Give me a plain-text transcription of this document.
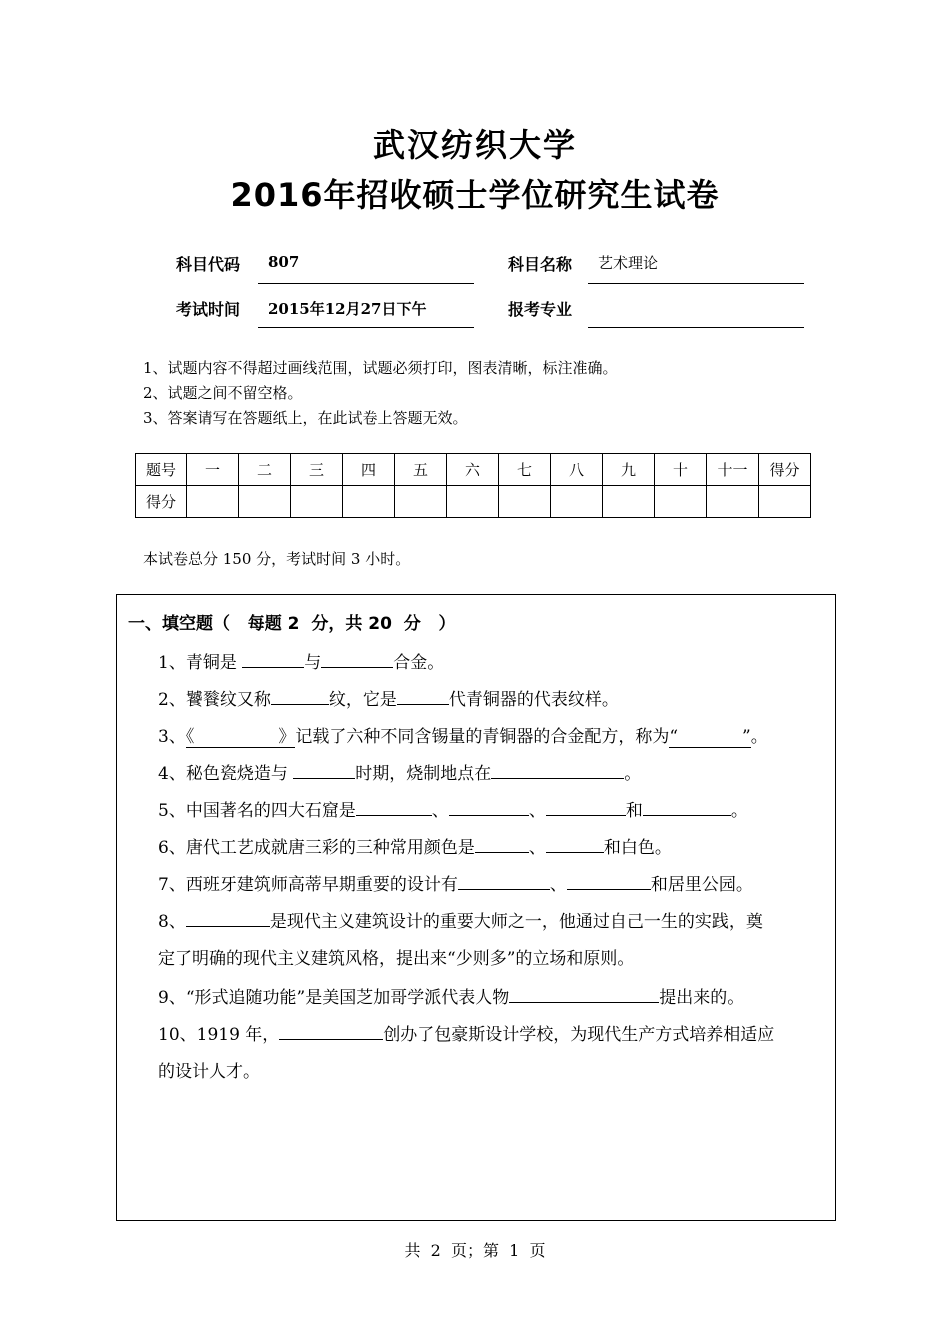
武汉纺织大学
2016年招收硕士学位研究生试卷
科目代码 807	科目名称 艺术理论
考试时间 2015年12月27日下午	报考专业
1、试题内容不得超过画线范围，试题必须打印，图表清晰，标注准确。
2、试题之间不留空格。
3、答案请写在答题纸上，在此试卷上答题无效。
题号	一	二	三	四	五	六	七	八	九	十	十一	得分
得分												
本试卷总分 150 分，考试时间 3 小时。
一、填空题（   每题 2  分，共 20  分   ）
1、青铜是	与	合金。
2、饕餮纹又称	纹，它是	代青铜器的代表纹样。
3、《	》记载了六种不同含锡量的青铜器的合金配方，称为“	”。
4、秘色瓷烧造与	时期，烧制地点在	。
5、中国著名的四大石窟是	、	、	和	。
6、唐代工艺成就唐三彩的三种常用颜色是	、	和白色。
7、西班牙建筑师高蒂早期重要的设计有	、	和居里公园。
8、	是现代主义建筑设计的重要大师之一，他通过自己一生的实践，奠
定了明确的现代主义建筑风格，提出来“少则多”的立场和原则。
9、“形式追随功能”是美国芝加哥学派代表人物	提出来的。
10、1919 年，	创办了包豪斯设计学校，为现代生产方式培养相适应
的设计人才。
共  2  页；第  1  页
